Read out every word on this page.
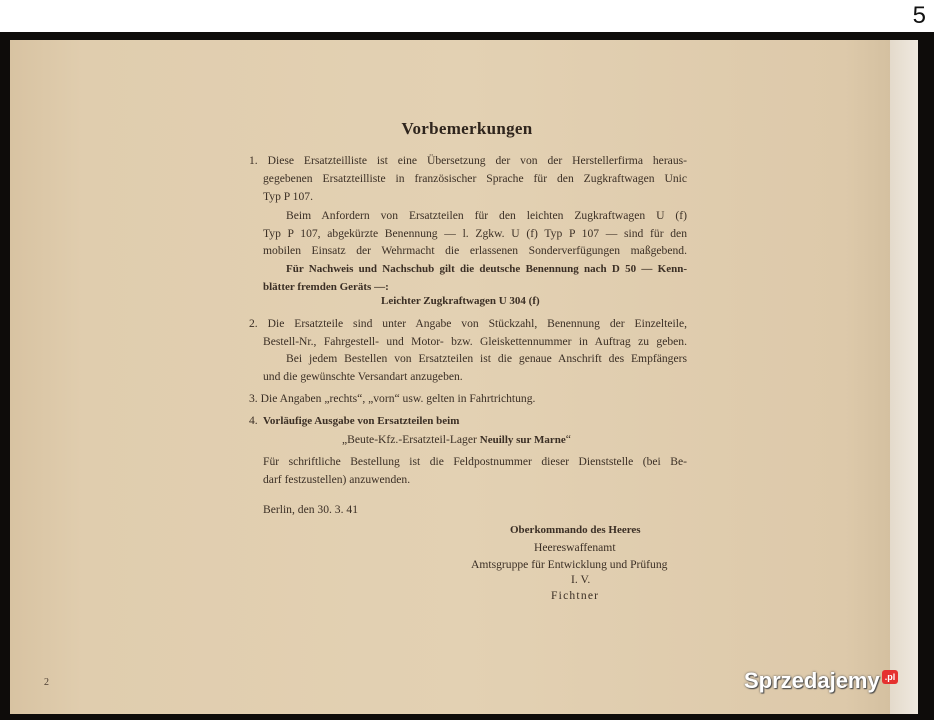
5
Vorbemerkungen
1. Diese Ersatzteilliste ist eine Übersetzung der von der Herstellerfirma heraus-
gegebenen Ersatzteilliste in französischer Sprache für den Zugkraftwagen Unic
Typ P 107.
Beim Anfordern von Ersatzteilen für den leichten Zugkraftwagen U (f)
Typ P 107, abgekürzte Benennung — l. Zgkw. U (f) Typ P 107 — sind für den
mobilen Einsatz der Wehrmacht die erlassenen Sonderverfügungen maßgebend.
Für Nachweis und Nachschub gilt die deutsche Benennung nach D 50 — Kenn-
blätter fremden Geräts —:
Leichter Zugkraftwagen U 304 (f)
2. Die Ersatzteile sind unter Angabe von Stückzahl, Benennung der Einzelteile,
Bestell-Nr., Fahrgestell- und Motor- bzw. Gleiskettennummer in Auftrag zu geben.
Bei jedem Bestellen von Ersatzteilen ist die genaue Anschrift des Empfängers
und die gewünschte Versandart anzugeben.
3. Die Angaben „rechts“, „vorn“ usw. gelten in Fahrtrichtung.
4. Vorläufige Ausgabe von Ersatzteilen beim
„Beute-Kfz.-Ersatzteil-Lager Neuilly sur Marne“
Für schriftliche Bestellung ist die Feldpostnummer dieser Dienststelle (bei Be-
darf festzustellen) anzuwenden.
Berlin, den 30. 3. 41
Oberkommando des Heeres
Heereswaffenamt
Amtsgruppe für Entwicklung und Prüfung
I. V.
Fichtner
2	Sprzedajemy .pl
